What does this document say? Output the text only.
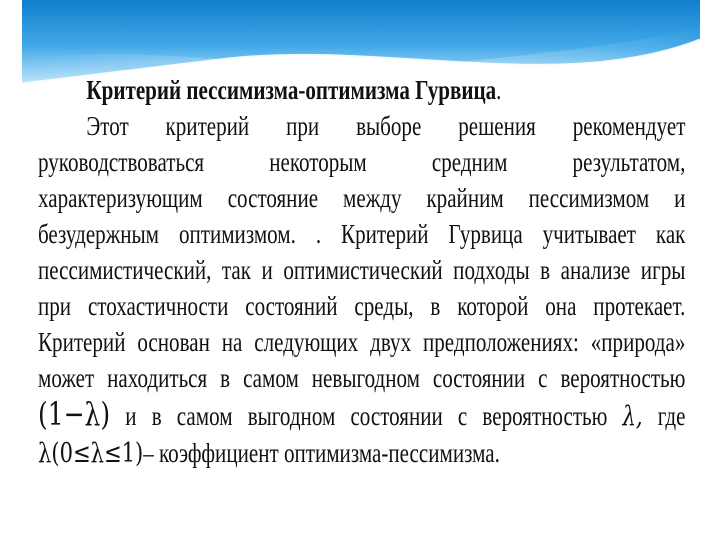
Критерий пессимизма-оптимизма Гурвица.
Этот критерий при выборе решения рекомендует
руководствоваться некоторым средним результатом,
характеризующим состояние между крайним пессимизмом и
безудержным оптимизмом. . Критерий Гурвица учитывает как
пессимистический, так и оптимистический подходы в анализе игры
при стохастичности состояний среды, в которой она протекает.
Критерий основан на следующих двух предположениях: «природа»
может находиться в самом невыгодном состоянии с вероятностью
(1−λ) и в самом выгодном состоянии с вероятностью λ, где
λ(0≤λ≤1)– коэффициент оптимизма-пессимизма.
